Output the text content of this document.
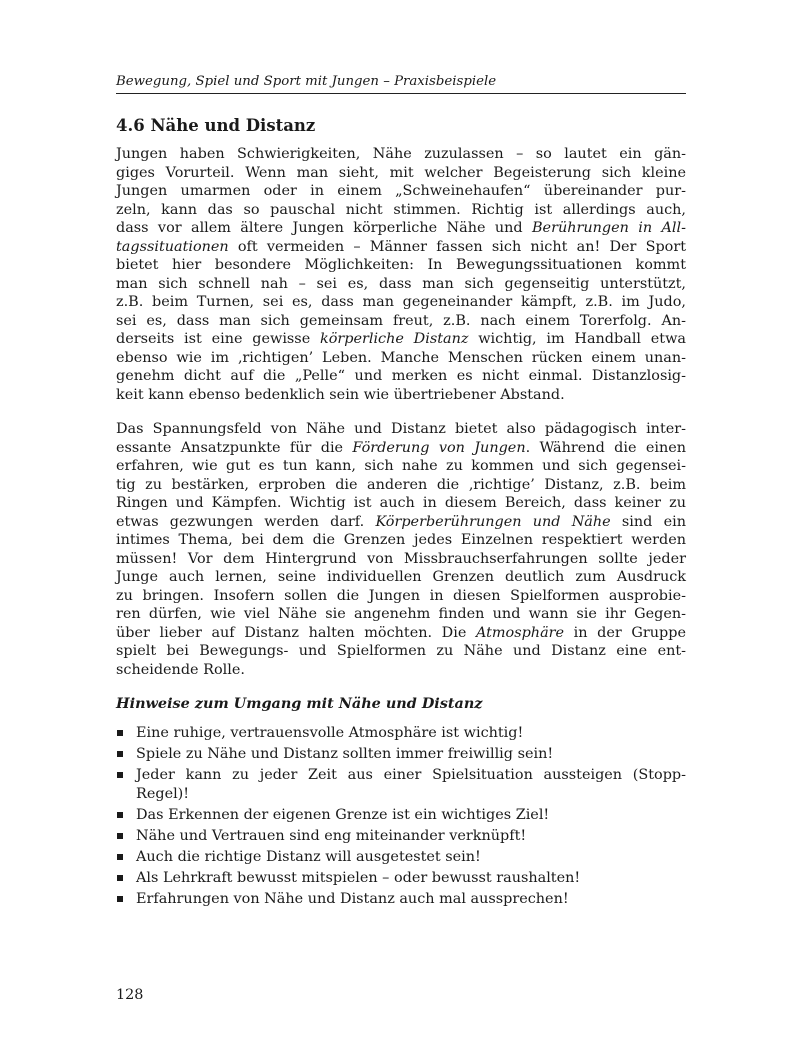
Bewegung, Spiel und Sport mit Jungen – Praxisbeispiele
4.6 Nähe und Distanz
Jungen haben Schwierigkeiten, Nähe zuzulassen – so lautet ein gän-
giges Vorurteil. Wenn man sieht, mit welcher Begeisterung sich kleine
Jungen umarmen oder in einem „Schweinehaufen“ übereinander pur-
zeln, kann das so pauschal nicht stimmen. Richtig ist allerdings auch,
dass vor allem ältere Jungen körperliche Nähe und Berührungen in All-
tagssituationen oft vermeiden – Männer fassen sich nicht an! Der Sport
bietet hier besondere Möglichkeiten: In Bewegungssituationen kommt
man sich schnell nah – sei es, dass man sich gegenseitig unterstützt,
z.B. beim Turnen, sei es, dass man gegeneinander kämpft, z.B. im Judo,
sei es, dass man sich gemeinsam freut, z.B. nach einem Torerfolg. An-
derseits ist eine gewisse körperliche Distanz wichtig, im Handball etwa
ebenso wie im ‚richtigen’ Leben. Manche Menschen rücken einem unan-
genehm dicht auf die „Pelle“ und merken es nicht einmal. Distanzlosig-
keit kann ebenso bedenklich sein wie übertriebener Abstand.
Das Spannungsfeld von Nähe und Distanz bietet also pädagogisch inter-
essante Ansatzpunkte für die Förderung von Jungen. Während die einen
erfahren, wie gut es tun kann, sich nahe zu kommen und sich gegensei-
tig zu bestärken, erproben die anderen die ‚richtige’ Distanz, z.B. beim
Ringen und Kämpfen. Wichtig ist auch in diesem Bereich, dass keiner zu
etwas gezwungen werden darf. Körperberührungen und Nähe sind ein
intimes Thema, bei dem die Grenzen jedes Einzelnen respektiert werden
müssen! Vor dem Hintergrund von Missbrauchserfahrungen sollte jeder
Junge auch lernen, seine individuellen Grenzen deutlich zum Ausdruck
zu bringen. Insofern sollen die Jungen in diesen Spielformen ausprobie-
ren dürfen, wie viel Nähe sie angenehm finden und wann sie ihr Gegen-
über lieber auf Distanz halten möchten. Die Atmosphäre in der Gruppe
spielt bei Bewegungs- und Spielformen zu Nähe und Distanz eine ent-
scheidende Rolle.
Hinweise zum Umgang mit Nähe und Distanz
Eine ruhige, vertrauensvolle Atmosphäre ist wichtig!
Spiele zu Nähe und Distanz sollten immer freiwillig sein!
Jeder kann zu jeder Zeit aus einer Spielsituation aussteigen (Stopp-
Regel)!
Das Erkennen der eigenen Grenze ist ein wichtiges Ziel!
Nähe und Vertrauen sind eng miteinander verknüpft!
Auch die richtige Distanz will ausgetestet sein!
Als Lehrkraft bewusst mitspielen – oder bewusst raushalten!
Erfahrungen von Nähe und Distanz auch mal aussprechen!
128
